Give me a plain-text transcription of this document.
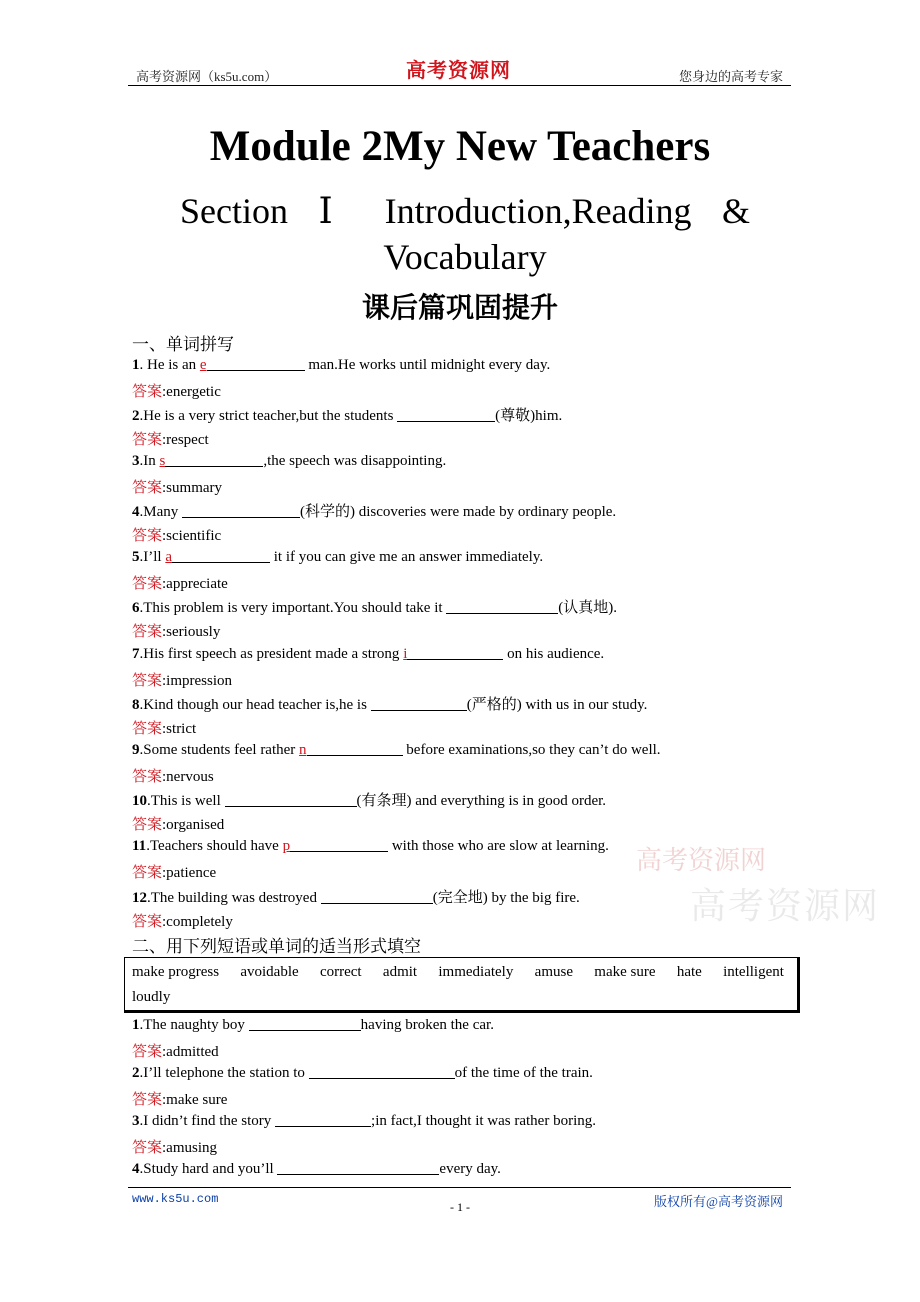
高考资源网（ks5u.com）	高考资源网	您身边的高考专家
Module 2My New Teachers
Section Ⅰ Introduction,Reading &
Vocabulary
课后篇巩固提升
一、单词拼写
1. He is an e	man.He works until midnight every day.
答案:energetic
2.He is a very strict teacher,but the students	(尊敬)him.
答案:respect
3.In s	,the speech was disappointing.
答案:summary
4.Many	(科学的) discoveries were made by ordinary people.
答案:scientific
5.I’ll a	it if you can give me an answer immediately.
答案:appreciate
6.This problem is very important.You should take it	(认真地).
答案:seriously
7.His first speech as president made a strong i	on his audience.
答案:impression
8.Kind though our head teacher is,he is	(严格的) with us in our study.
答案:strict
9.Some students feel rather n	before examinations,so they can’t do well.
答案:nervous
10.This is well	(有条理) and everything is in good order.
答案:organised
11.Teachers should have p	with those who are slow at learning.
答案:patience
12.The building was destroyed	(完全地) by the big fire.
答案:completely
二、用下列短语或单词的适当形式填空
make progress avoidable correct admit immediately amuse make sure hate intelligent
loudly
1.The naughty boy	having broken the car.
答案:admitted
2.I’ll telephone the station to	of the time of the train.
答案:make sure
3.I didn’t find the story	;in fact,I thought it was rather boring.
答案:amusing
4.Study hard and you’ll	every day.
高考资源网
高考资源网
www.ks5u.com
- 1 -	版权所有@高考资源网
